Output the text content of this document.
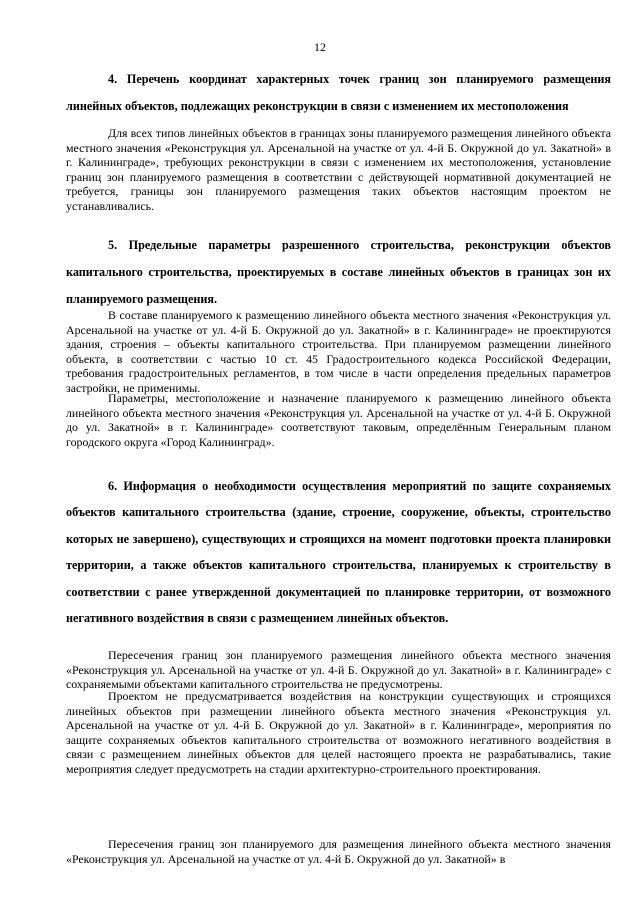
12

4. Перечень координат характерных точек границ зон планируемого размещения линейных объектов, подлежащих реконструкции в связи с изменением их местоположения

Для всех типов линейных объектов в границах зоны планируемого размещения линейного объекта местного значения «Реконструкция ул. Арсенальной на участке от ул. 4-й Б. Окружной до ул. Закатной» в г. Калининграде», требующих реконструкции в связи с изменением их местоположения, установление границ зон планируемого размещения в соответствии с действующей нормативной документацией не требуется, границы зон планируемого размещения таких объектов настоящим проектом не устанавливались.

5. Предельные параметры разрешенного строительства, реконструкции объектов капитального строительства, проектируемых в составе линейных объектов в границах зон их планируемого размещения.

В составе планируемого к размещению линейного объекта местного значения «Реконструкция ул. Арсенальной на участке от ул. 4-й Б. Окружной до ул. Закатной» в г. Калининграде» не проектируются здания, строения – объекты капитального строительства. При планируемом размещении линейного объекта, в соответствии с частью 10 ст. 45 Градостроительного кодекса Российской Федерации, требования градостроительных регламентов, в том числе в части определения предельных параметров застройки, не применимы.

Параметры, местоположение и назначение планируемого к размещению линейного объекта линейного объекта местного значения «Реконструкция ул. Арсенальной на участке от ул. 4-й Б. Окружной до ул. Закатной» в г. Калининграде» соответствуют таковым, определённым Генеральным планом городского округа «Город Калининград».

6. Информация о необходимости осуществления мероприятий по защите сохраняемых объектов капитального строительства (здание, строение, сооружение, объекты, строительство которых не завершено), существующих и строящихся на момент подготовки проекта планировки территории, а также объектов капитального строительства, планируемых к строительству в соответствии с ранее утвержденной документацией по планировке территории, от возможного негативного воздействия в связи с размещением линейных объектов.

Пересечения границ зон планируемого размещения линейного объекта местного значения «Реконструкция ул. Арсенальной на участке от ул. 4-й Б. Окружной до ул. Закатной» в г. Калининграде» с сохраняемыми объектами капитального строительства не предусмотрены.

Проектом не предусматривается воздействия на конструкции существующих и строящихся линейных объектов при размещении линейного объекта местного значения «Реконструкция ул. Арсенальной на участке от ул. 4-й Б. Окружной до ул. Закатной» в г. Калининграде», мероприятия по защите сохраняемых объектов капитального строительства от возможного негативного воздействия в связи с размещением линейных объектов для целей настоящего проекта не разрабатывались, такие мероприятия следует предусмотреть на стадии архитектурно-строительного проектирования.

Пересечения границ зон планируемого для размещения линейного объекта местного значения «Реконструкция ул. Арсенальной на участке от ул. 4-й Б. Окружной до ул. Закатной» в
